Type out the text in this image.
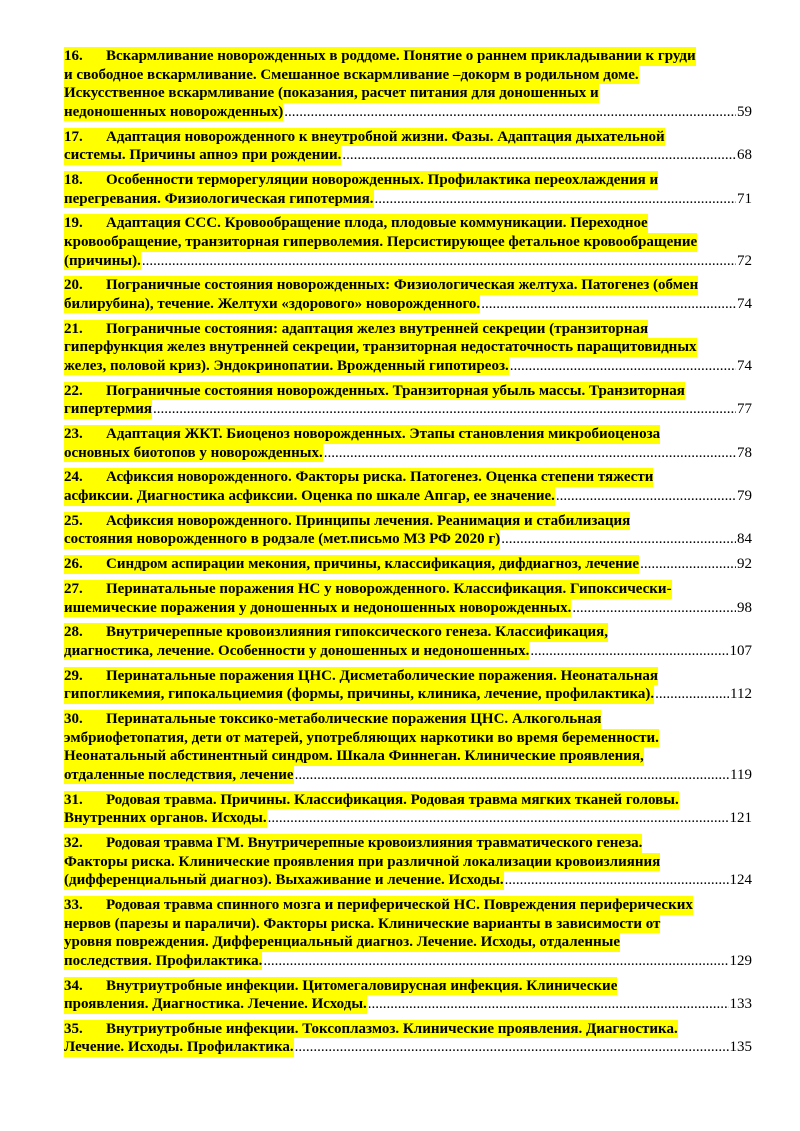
16.	Вскармливание новорожденных в роддоме. Понятие о раннем прикладывании к груди
и свободное вскармливание. Смешанное вскармливание –докорм в родильном доме.
Искусственное вскармливание (показания, расчет питания для доношенных и
недоношенных новорожденных) .....	59
17.	Адаптация новорожденного к внеутробной жизни. Фазы. Адаптация дыхательной
системы. Причины апноэ при рождении. .....	68
18.	Особенности терморегуляции новорожденных. Профилактика переохлаждения и
перегревания. Физиологическая гипотермия. .....	71
19.	Адаптация ССС. Кровообращение плода, плодовые коммуникации. Переходное
кровообращение, транзиторная гиперволемия. Персистирующее фетальное кровообращение
(причины). .....	72
20.	Пограничные состояния новорожденных: Физиологическая желтуха. Патогенез (обмен
билирубина), течение. Желтухи «здорового» новорожденного. .....	74
21.	Пограничные состояния: адаптация желез внутренней секреции (транзиторная
гиперфункция желез внутренней секреции, транзиторная недостаточность паращитовидных
желез, половой криз). Эндокринопатии. Врожденный гипотиреоз. .....	74
22.	Пограничные состояния новорожденных. Транзиторная убыль массы. Транзиторная
гипертермия .....	77
23.	Адаптация ЖКТ. Биоценоз новорожденных. Этапы становления микробиоценоза
основных биотопов у новорожденных. .....	78
24.	Асфиксия новорожденного. Факторы риска. Патогенез. Оценка степени тяжести
асфиксии. Диагностика асфиксии. Оценка по шкале Апгар, ее значение. .....	79
25.	Асфиксия новорожденного. Принципы лечения. Реанимация и стабилизация
состояния новорожденного в родзале (мет.письмо МЗ РФ 2020 г) .....	84
26.	Синдром аспирации мекония, причины, классификация, дифдиагноз, лечение .....	92
27.	Перинатальные поражения НС у новорожденного. Классификация. Гипоксически-
ишемические поражения у доношенных и недоношенных новорожденных. .....	98
28.	Внутричерепные кровоизлияния гипоксического генеза. Классификация,
диагностика, лечение. Особенности у доношенных и недоношенных. .....	107
29.	Перинатальные поражения ЦНС. Дисметаболические поражения. Неонатальная
гипогликемия, гипокальциемия (формы, причины, клиника, лечение, профилактика). .....	112
30.	Перинатальные токсико-метаболические поражения ЦНС. Алкогольная
эмбриофетопатия, дети от матерей, употребляющих наркотики во время беременности.
Неонатальный абстинентный синдром. Шкала Финнеган. Клинические проявления,
отдаленные последствия, лечение .....	119
31.	Родовая травма. Причины. Классификация. Родовая травма мягких тканей головы.
Внутренних органов. Исходы. .....	121
32.	Родовая травма ГМ. Внутричерепные кровоизлияния травматического генеза.
Факторы риска. Клинические проявления при различной локализации кровоизлияния
(дифференциальный диагноз). Выхаживание и лечение. Исходы. .....	124
33.	Родовая травма спинного мозга и периферической НС. Повреждения периферических
нервов (парезы и параличи). Факторы риска. Клинические варианты в зависимости от
уровня повреждения. Дифференциальный диагноз. Лечение. Исходы, отдаленные
последствия. Профилактика. .....	129
34.	Внутриутробные инфекции. Цитомегаловирусная инфекция. Клинические
проявления. Диагностика. Лечение. Исходы. .....	133
35.	Внутриутробные инфекции. Токсоплазмоз. Клинические проявления. Диагностика.
Лечение. Исходы. Профилактика. .....	135
